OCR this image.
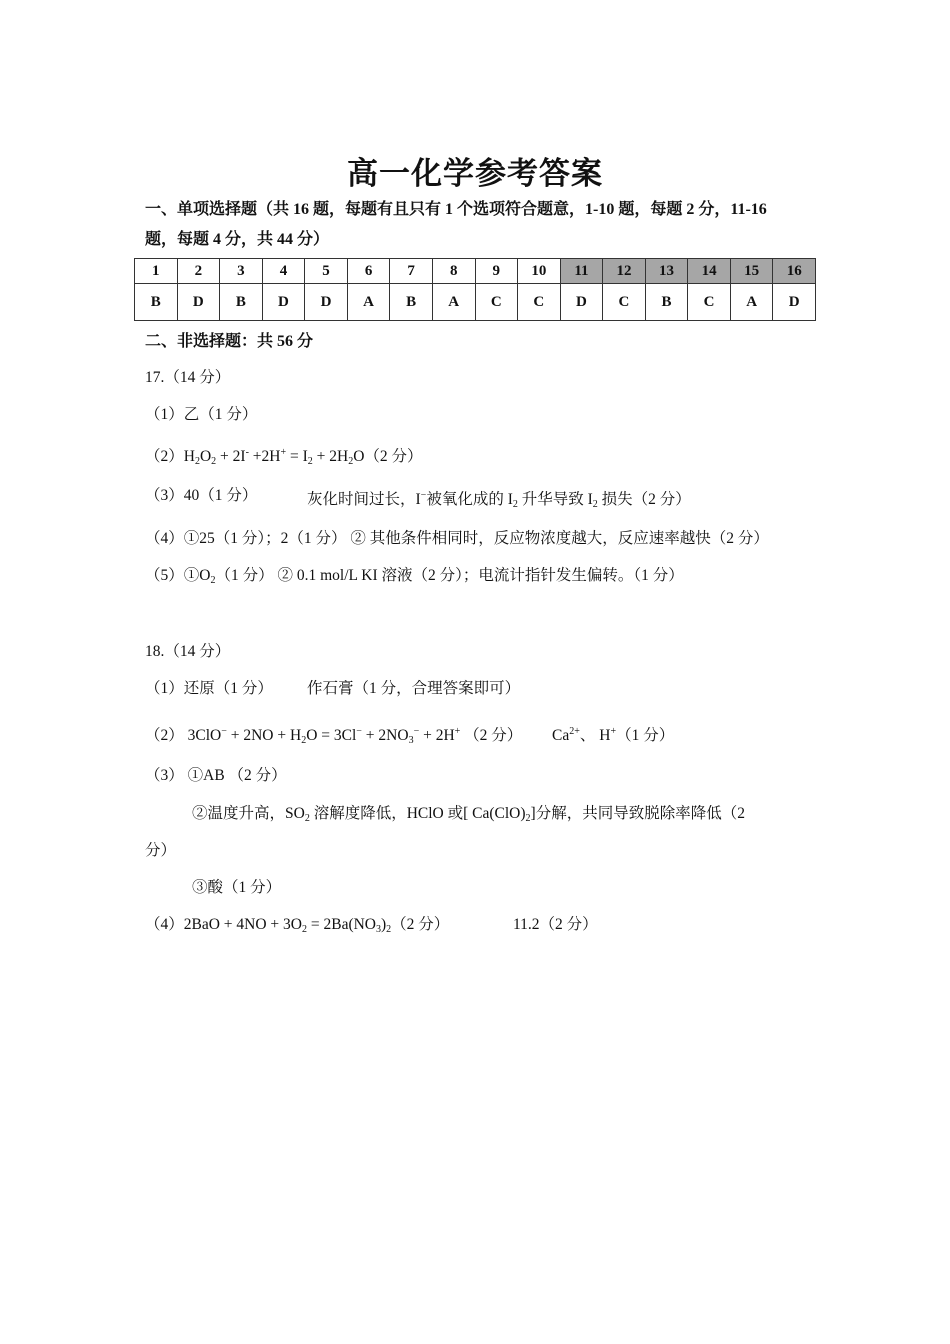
高一化学参考答案
一、单项选择题（共 16 题，每题有且只有 1 个选项符合题意，1-10 题，每题 2 分，11-16
题，每题 4 分，共 44 分）
1	2	3	4	5	6	7	8	9	10	11	12	13	14	15	16
B	D	B	D	D	A	B	A	C	C	D	C	B	C	A	D
二、非选择题：共 56 分
17.（14 分）
（1）乙（1 分）
$(2)H_2O_2 + 2I^- +2H^+ = I_2 + 2H_2O(2$ 分）
（3）40（1 分）	灰化时间过长，I−被氧化成的 $I_2$ 升华导致 $I_2$ 损失（2 分）
（4）①25（1 分）；2（1 分） ② 其他条件相同时，反应物浓度越大，反应速率越快（2 分）
$(5)①O_2(1$ 分） ② 0.1 mol/L KI 溶液（2 分）；电流计指针发生偏转。（1 分）
18.（14 分）
（1）还原（1 分） 作石膏（1 分，合理答案即可）
（2） $3ClO^- + 2NO + H_2O = 3Cl^- + 2NO_3^- + 2H^+$ （2 分） $Ca^{2+}$、 H+（1 分）
（3） ①AB （2 分）
②温度升高，$SO_2$ 溶解度降低，HClO 或[ $Ca(ClO)_2$]分解，共同导致脱除率降低（2
分）
③酸（1 分）
$(4)2BaO + 4NO + 3O_2 = 2Ba(NO_3)_2(2$ 分）	11.2（2 分）
